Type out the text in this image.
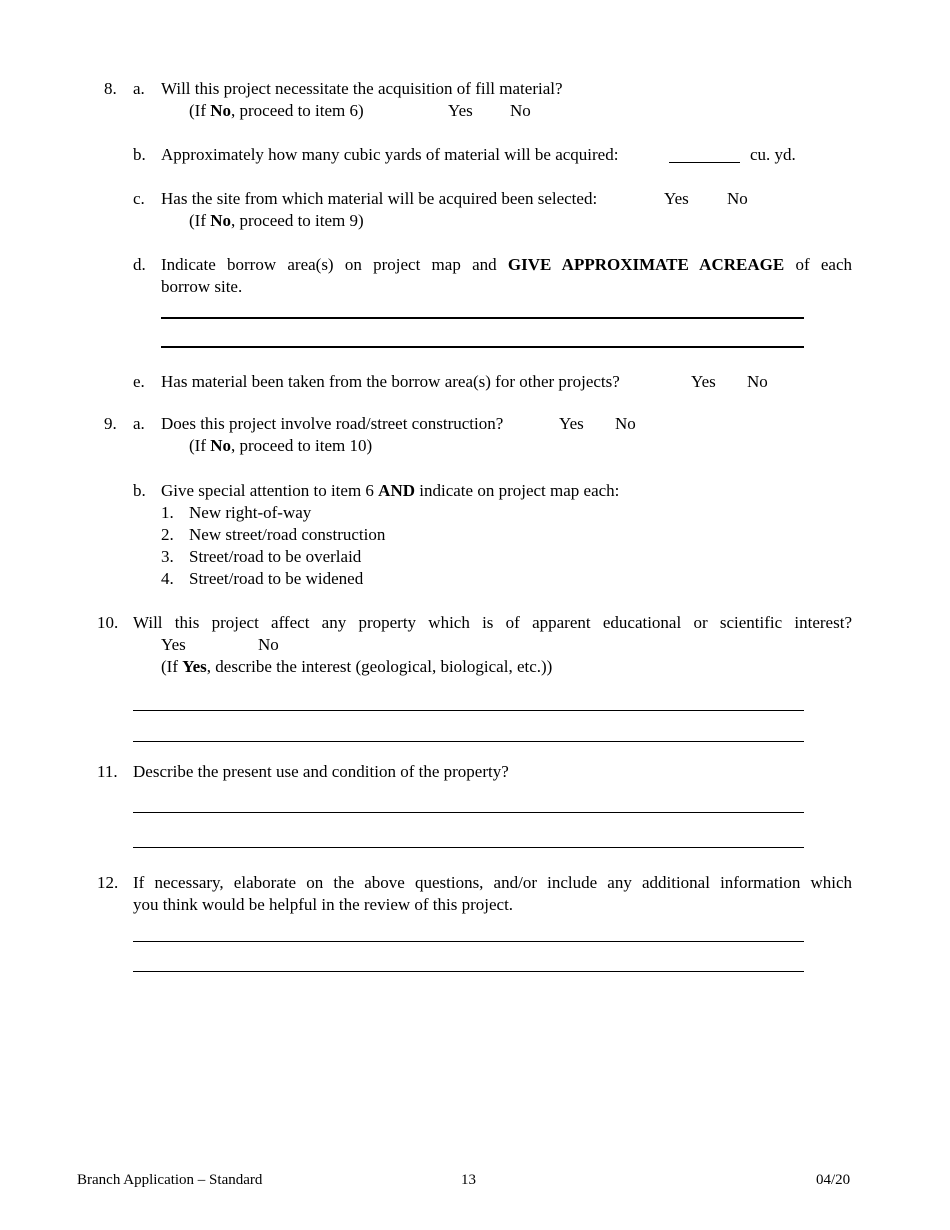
8. a. Will this project necessitate the acquisition of fill material?
(If No, proceed to item 6)	Yes No
b. Approximately how many cubic yards of material will be acquired:	cu. yd.
c. Has the site from which material will be acquired been selected:	Yes No
(If No, proceed to item 9)
d. Indicate borrow area(s) on project map and GIVE APPROXIMATE ACREAGE of each
borrow site.
e. Has material been taken from the borrow area(s) for other projects?	Yes No
9. a. Does this project involve road/street construction?	Yes No
(If No, proceed to item 10)
b. Give special attention to item 6 AND indicate on project map each:
1. New right-of-way
2. New street/road construction
3. Street/road to be overlaid
4. Street/road to be widened
10. Will this project affect any property which is of apparent educational or scientific interest?
Yes	No
(If Yes, describe the interest (geological, biological, etc.))
11. Describe the present use and condition of the property?
12. If necessary, elaborate on the above questions, and/or include any additional information which
you think would be helpful in the review of this project.
Branch Application – Standard	13	04/20
